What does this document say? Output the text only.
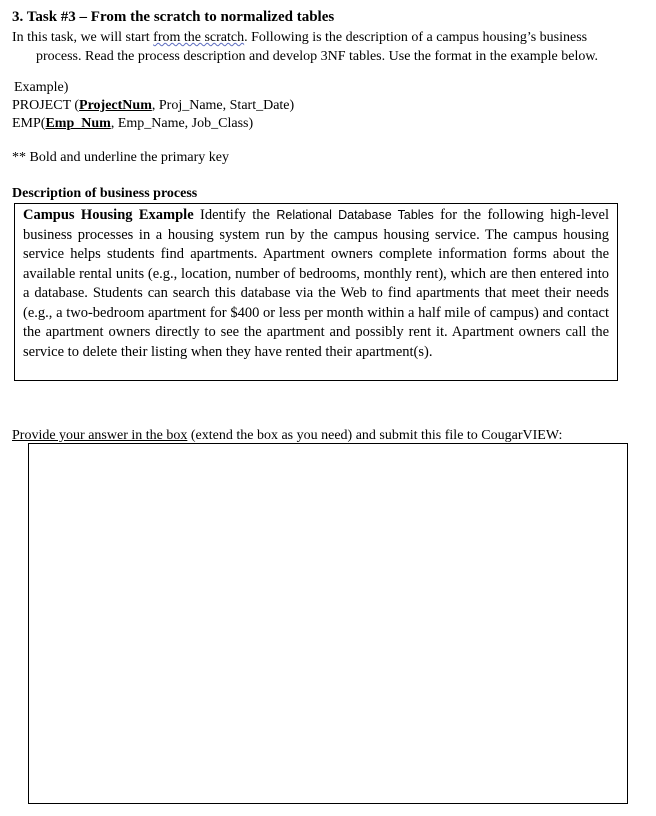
3. Task #3 – From the scratch to normalized tables
In this task, we will start from the scratch. Following is the description of a campus housing’s business
process. Read the process description and develop 3NF tables. Use the format in the example below.
Example)
PROJECT (ProjectNum, Proj_Name, Start_Date)
EMP(Emp_Num, Emp_Name, Job_Class)
** Bold and underline the primary key
Description of business process
Campus Housing Example Identify the Relational Database Tables for the following high-level business processes in a housing system run by the campus housing service. The campus housing service helps students find apartments. Apartment owners complete information forms about the available rental units (e.g., location, number of bedrooms, monthly rent), which are then entered into a database. Students can search this database via the Web to find apartments that meet their needs (e.g., a two-bedroom apartment for $400 or less per month within a half mile of campus) and contact the apartment owners directly to see the apartment and possibly rent it. Apartment owners call the service to delete their listing when they have rented their apartment(s).
Provide your answer in the box (extend the box as you need) and submit this file to CougarVIEW:
